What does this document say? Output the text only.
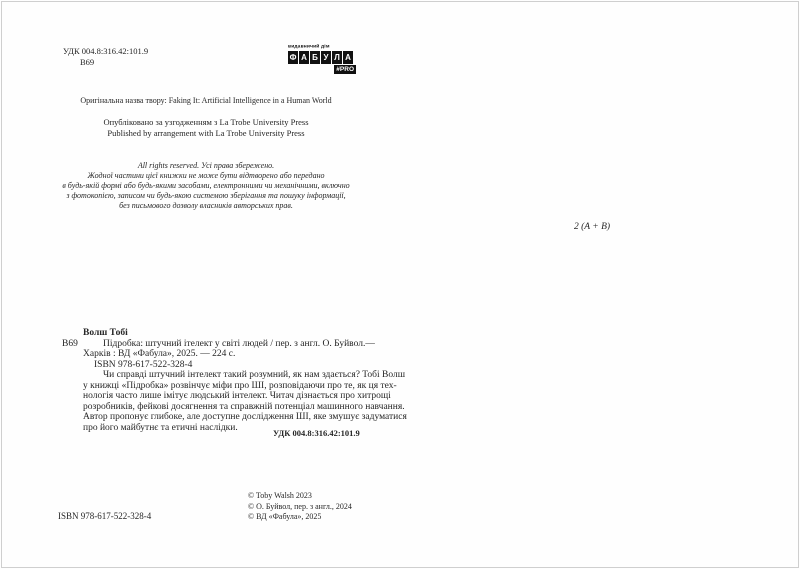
УДК 004.8:316.42:101.9
В69
видавничий дім
Ф А Б У Л А
#PRO
Оригінальна назва твору: Faking It: Artificial Intelligence in a Human World
Опубліковано за узгодженням з La Trobe University Press
Published by arrangement with La Trobe University Press
All rights reserved. Усі права збережено.
Жодної частини цієї книжки не може бути відтворено або передано
в будь-якій формі або будь-якими засобами, електронними чи механічними, включно
з фотокопією, записом чи будь-якою системою зберігання та пошуку інформації,
без письмового дозволу власників авторських прав.
2 (A + B)
Волш Тобі
В69	Підробка: штучний ітелект у світі людей / пер. з англ. О. Буйвол.—
Харків : ВД «Фабула», 2025. — 224 с.
ISBN 978-617-522-328-4
Чи справді штучний інтелект такий розумний, як нам здається? Тобі Волш
у книжці «Підробка» розвінчує міфи про ШІ, розповідаючи про те, як ця тех-
нологія часто лише імітує людський інтелект. Читач дізнається про хитрощі
розробників, фейкові досягнення та справжній потенціал машинного навчання.
Автор пропонує глибоке, але доступне дослідження ШІ, яке змушує задуматися
про його майбутнє та етичні наслідки.
УДК 004.8:316.42:101.9
© Toby Walsh 2023
© О. Буйвол, пер. з англ., 2024
© ВД «Фабула», 2025
ISBN 978-617-522-328-4
